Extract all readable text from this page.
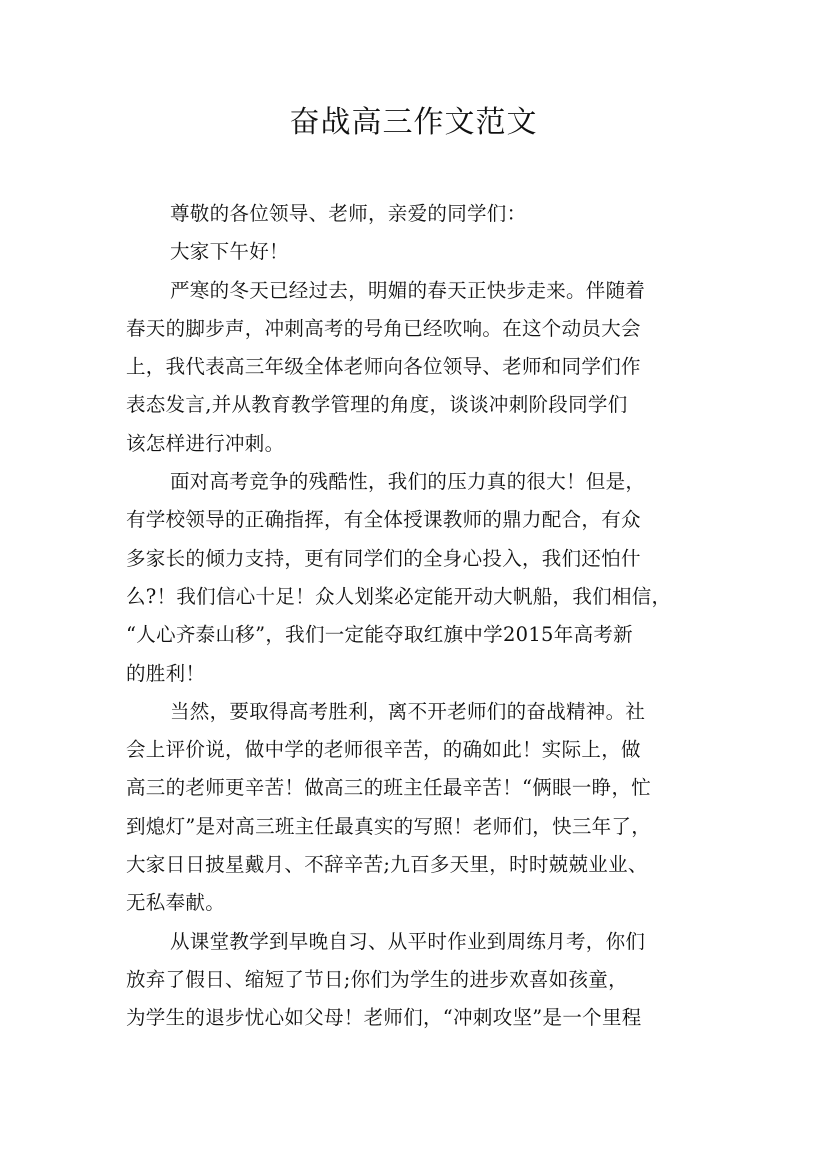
奋战高三作文范文
尊敬的各位领导、老师，亲爱的同学们：
大家下午好！
严寒的冬天已经过去，明媚的春天正快步走来。伴随着
春天的脚步声，冲刺高考的号角已经吹响。在这个动员大会
上，我代表高三年级全体老师向各位领导、老师和同学们作
表态发言,并从教育教学管理的角度，谈谈冲刺阶段同学们
该怎样进行冲刺。
面对高考竞争的残酷性，我们的压力真的很大！但是，
有学校领导的正确指挥，有全体授课教师的鼎力配合，有众
多家长的倾力支持，更有同学们的全身心投入，我们还怕什
么?！我们信心十足！众人划桨必定能开动大帆船，我们相信，
“人心齐泰山移”，我们一定能夺取红旗中学2015年高考新
的胜利！
当然，要取得高考胜利，离不开老师们的奋战精神。社
会上评价说，做中学的老师很辛苦，的确如此！实际上，做
高三的老师更辛苦！做高三的班主任最辛苦！“俩眼一睁，忙
到熄灯”是对高三班主任最真实的写照！老师们，快三年了，
大家日日披星戴月、不辞辛苦;九百多天里，时时兢兢业业、
无私奉献。
从课堂教学到早晚自习、从平时作业到周练月考，你们
放弃了假日、缩短了节日;你们为学生的进步欢喜如孩童，
为学生的退步忧心如父母！老师们，“冲刺攻坚”是一个里程
